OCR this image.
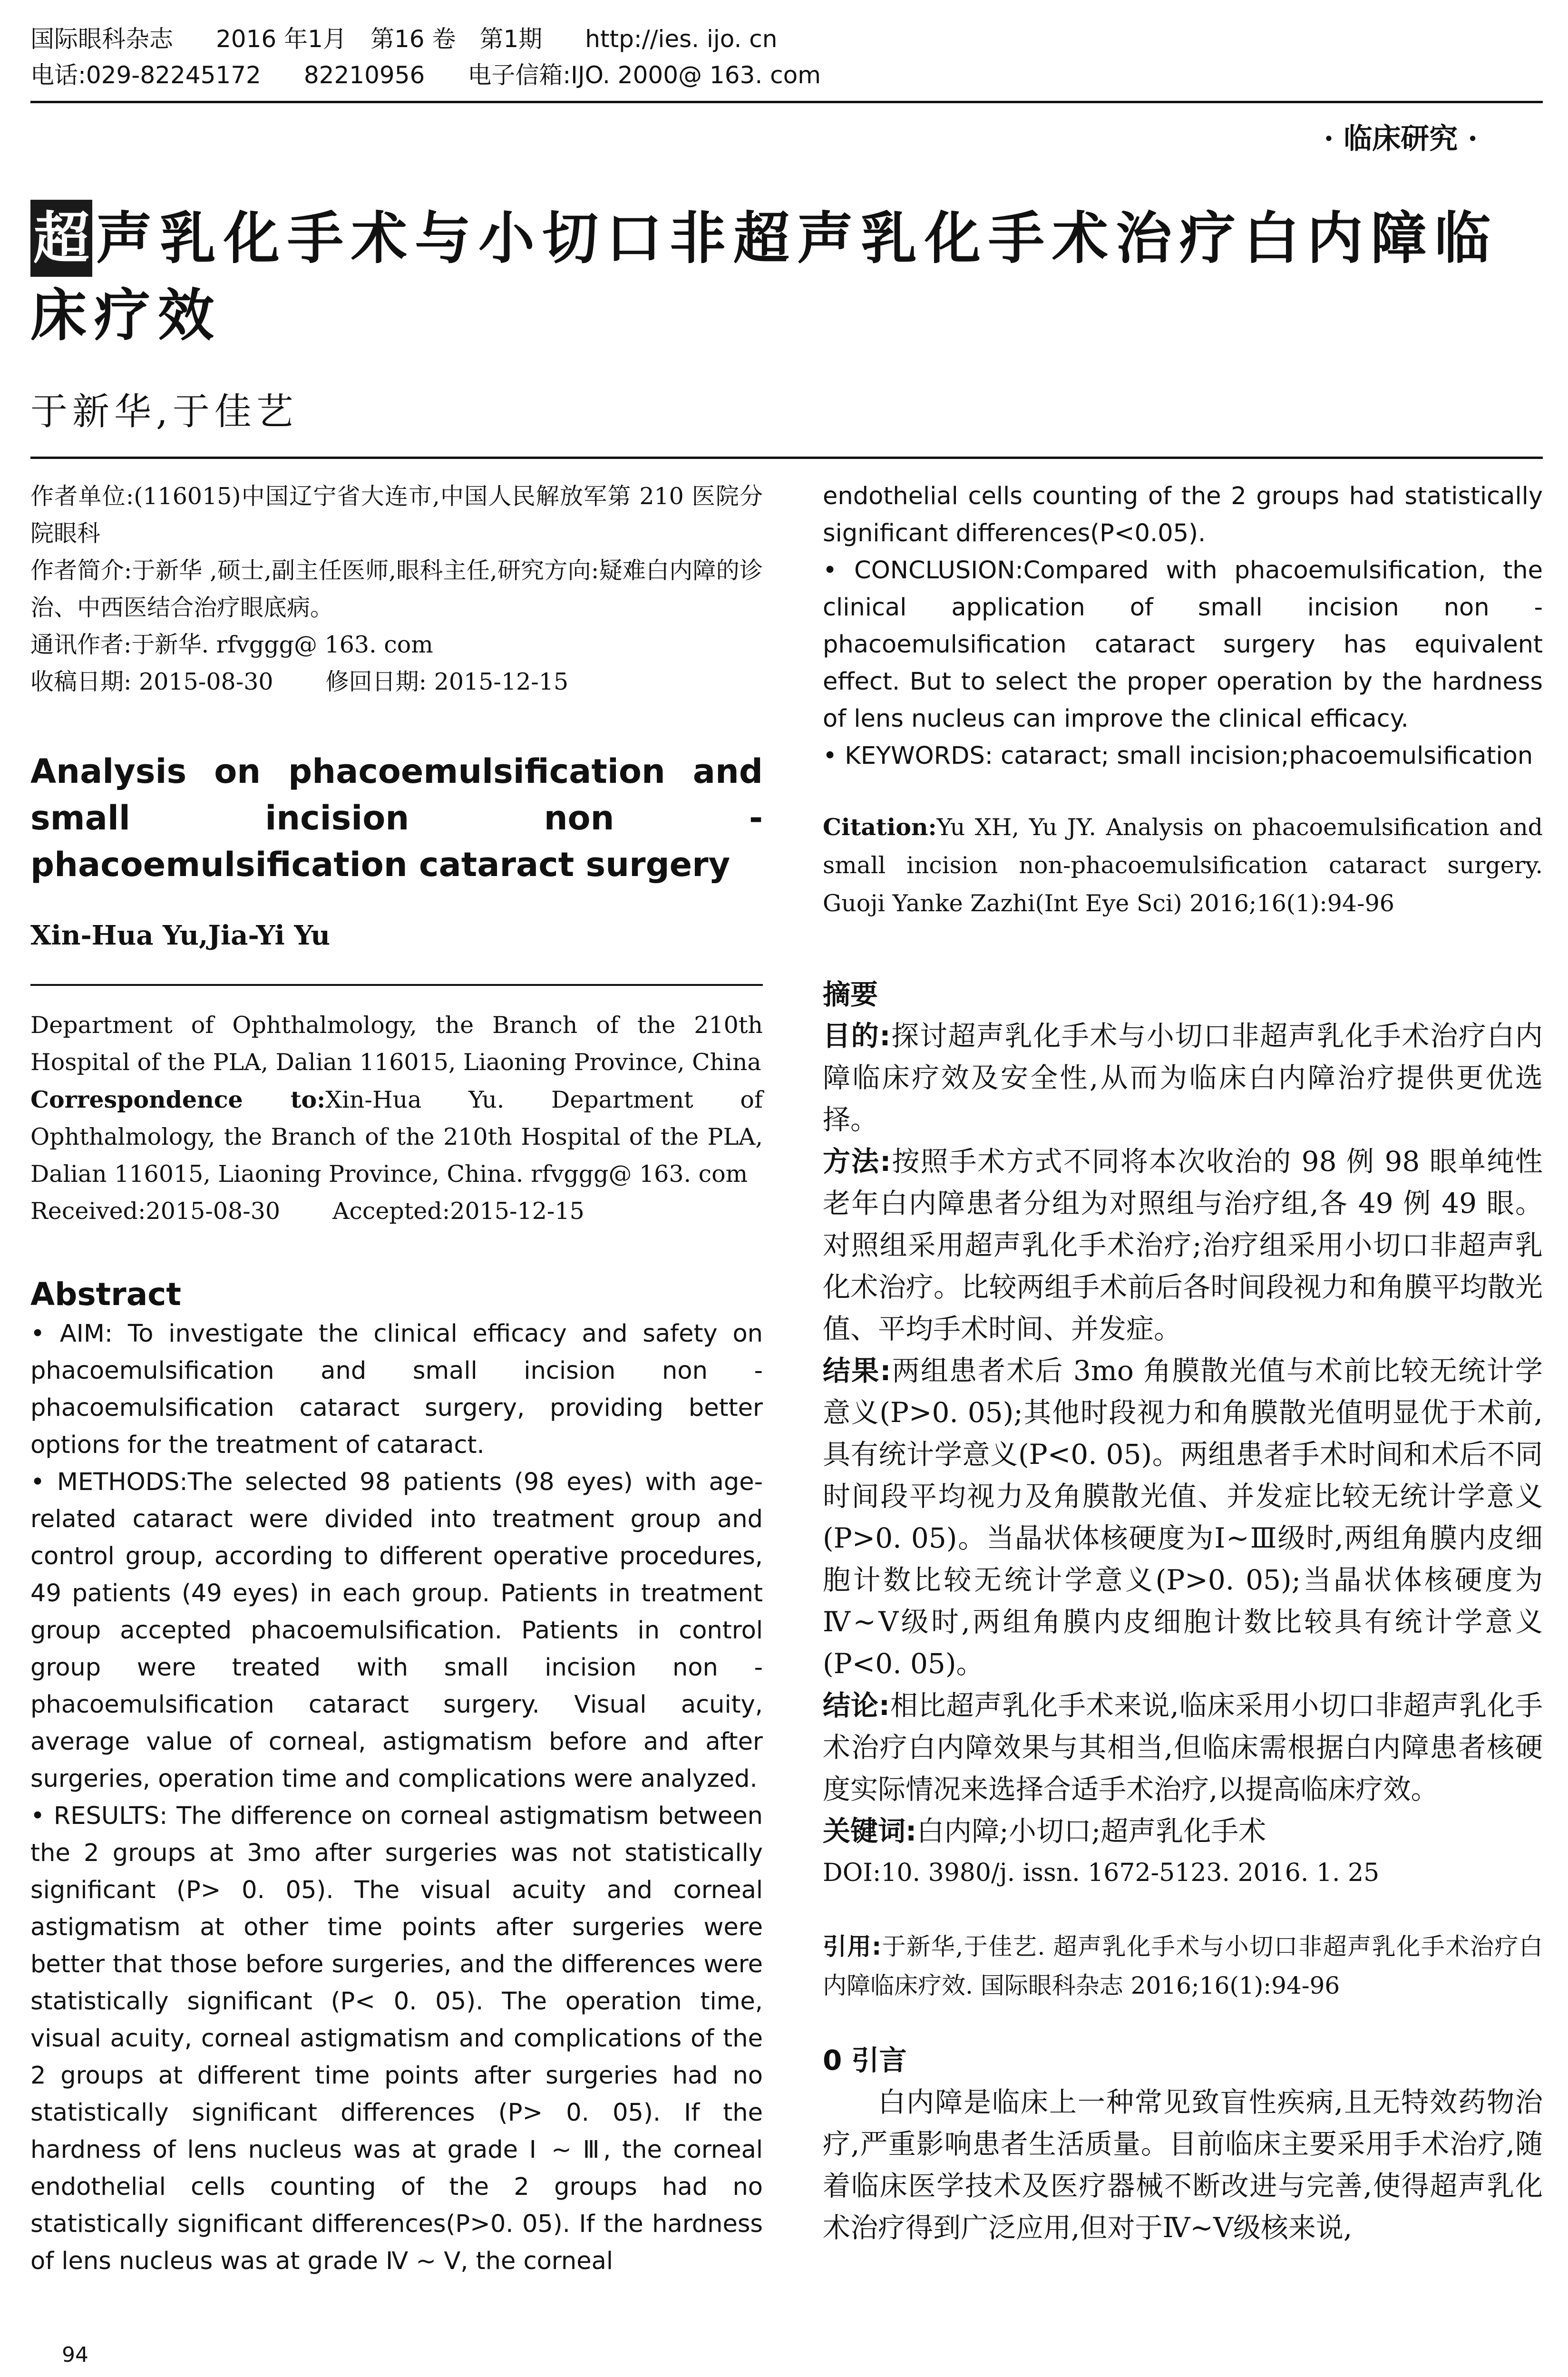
国际眼科杂志 2016 年1月　第16 卷　第1期 http://ies. ijo. cn
电话:029-82245172 82210956 电子信箱:IJO. 2000@ 163. com
· 临床研究 ·
超 声乳化手术与小切口非超声乳化手术治疗白内障临床疗效
于新华,于佳艺

作者单位:(116015)中国辽宁省大连市,中国人民解放军第 210 医院分院眼科

作者简介:于新华 ,硕士,副主任医师,眼科主任,研究方向:疑难白内障的诊治、中西医结合治疗眼底病。

通讯作者:于新华. rfvggg@ 163. com

收稿日期: 2015-08-30 修回日期: 2015-12-15
Analysis on phacoemulsification and small incision non - phacoemulsification cataract surgery
Xin-Hua Yu,Jia-Yi Yu

Department of Ophthalmology, the Branch of the 210th Hospital of the PLA, Dalian 116015, Liaoning Province, China

Correspondence to:Xin-Hua Yu. Department of Ophthalmology, the Branch of the 210th Hospital of the PLA, Dalian 116015, Liaoning Province, China. rfvggg@ 163. com

Received:2015-08-30 Accepted:2015-12-15
Abstract

• AIM: To investigate the clinical efficacy and safety on phacoemulsification and small incision non - phacoemulsification cataract surgery, providing better options for the treatment of cataract.

• METHODS:The selected 98 patients (98 eyes) with age-related cataract were divided into treatment group and control group, according to different operative procedures, 49 patients (49 eyes) in each group. Patients in treatment group accepted phacoemulsification. Patients in control group were treated with small incision non - phacoemulsification cataract surgery. Visual acuity, average value of corneal, astigmatism before and after surgeries, operation time and complications were analyzed.

• RESULTS: The difference on corneal astigmatism between the 2 groups at 3mo after surgeries was not statistically significant (P> 0. 05). The visual acuity and corneal astigmatism at other time points after surgeries were better that those before surgeries, and the differences were statistically significant (P< 0. 05). The operation time, visual acuity, corneal astigmatism and complications of the 2 groups at different time points after surgeries had no statistically significant differences (P> 0. 05). If the hardness of lens nucleus was at grade Ⅰ ~ Ⅲ, the corneal endothelial cells counting of the 2 groups had no statistically significant differences(P>0. 05). If the hardness of lens nucleus was at grade Ⅳ ~ Ⅴ, the corneal

endothelial cells counting of the 2 groups had statistically significant differences(P<0.05).

• CONCLUSION:Compared with phacoemulsification, the clinical application of small incision non - phacoemulsification cataract surgery has equivalent effect. But to select the proper operation by the hardness of lens nucleus can improve the clinical efficacy.

• KEYWORDS: cataract; small incision;phacoemulsification

Citation:Yu XH, Yu JY. Analysis on phacoemulsification and small incision non-phacoemulsification cataract surgery. Guoji Yanke Zazhi(Int Eye Sci) 2016;16(1):94-96
摘要

目的:探讨超声乳化手术与小切口非超声乳化手术治疗白内障临床疗效及安全性,从而为临床白内障治疗提供更优选择。

方法:按照手术方式不同将本次收治的 98 例 98 眼单纯性老年白内障患者分组为对照组与治疗组,各 49 例 49 眼。对照组采用超声乳化手术治疗;治疗组采用小切口非超声乳化术治疗。比较两组手术前后各时间段视力和角膜平均散光值、平均手术时间、并发症。

结果:两组患者术后 3mo 角膜散光值与术前比较无统计学意义(P>0. 05);其他时段视力和角膜散光值明显优于术前,具有统计学意义(P<0. 05)。两组患者手术时间和术后不同时间段平均视力及角膜散光值、并发症比较无统计学意义(P>0. 05)。当晶状体核硬度为Ⅰ~Ⅲ级时,两组角膜内皮细胞计数比较无统计学意义(P>0. 05);当晶状体核硬度为Ⅳ~Ⅴ级时,两组角膜内皮细胞计数比较具有统计学意义(P<0. 05)。

结论:相比超声乳化手术来说,临床采用小切口非超声乳化手术治疗白内障效果与其相当,但临床需根据白内障患者核硬度实际情况来选择合适手术治疗,以提高临床疗效。

关键词:白内障;小切口;超声乳化手术

DOI:10. 3980/j. issn. 1672-5123. 2016. 1. 25
引用:于新华,于佳艺. 超声乳化手术与小切口非超声乳化手术治疗白内障临床疗效. 国际眼科杂志 2016;16(1):94-96
0 引言

白内障是临床上一种常见致盲性疾病,且无特效药物治疗,严重影响患者生活质量。目前临床主要采用手术治疗,随着临床医学技术及医疗器械不断改进与完善,使得超声乳化术治疗得到广泛应用,但对于Ⅳ~Ⅴ级核来说,

94
